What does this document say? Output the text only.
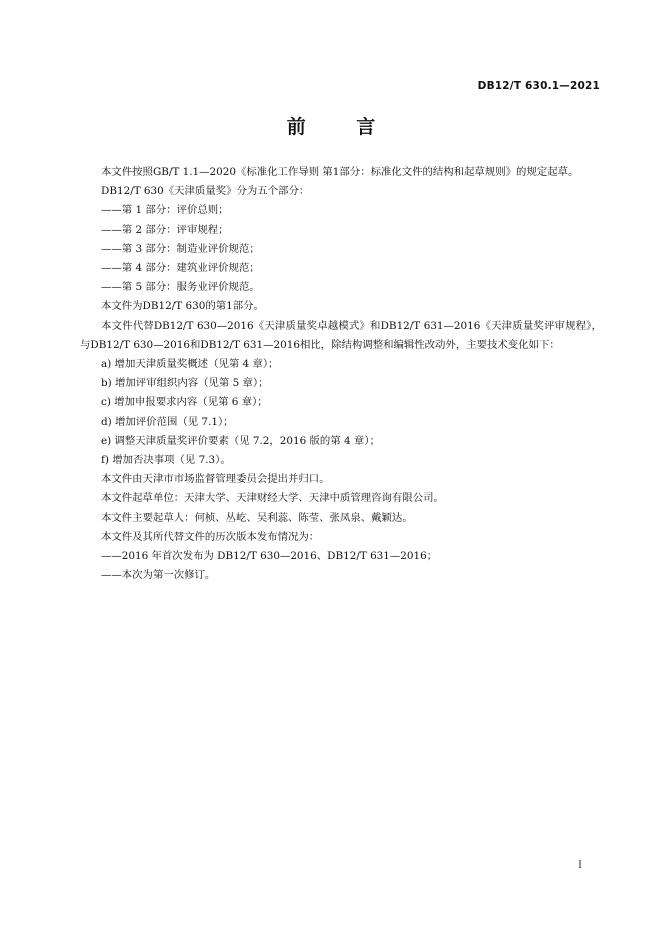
DB12/T 630.1—2021
前 言

本文件按照GB/T 1.1—2020《标准化工作导则 第1部分：标准化文件的结构和起草规则》的规定起草。

DB12/T 630《天津质量奖》分为五个部分：

——第 1 部分：评价总则；

——第 2 部分：评审规程；

——第 3 部分：制造业评价规范；

——第 4 部分：建筑业评价规范；

——第 5 部分：服务业评价规范。

本文件为DB12/T 630的第1部分。

本文件代替DB12/T 630—2016《天津质量奖卓越模式》和DB12/T 631—2016《天津质量奖评审规程》，与DB12/T 630—2016和DB12/T 631—2016相比，除结构调整和编辑性改动外，主要技术变化如下：

a) 增加天津质量奖概述（见第 4 章）；

b) 增加评审组织内容（见第 5 章）；

c) 增加申报要求内容（见第 6 章）；

d) 增加评价范围（见 7.1）；

e) 调整天津质量奖评价要素（见 7.2，2016 版的第 4 章）；

f) 增加否决事项（见 7.3）。

本文件由天津市市场监督管理委员会提出并归口。

本文件起草单位：天津大学、天津财经大学、天津中质管理咨询有限公司。

本文件主要起草人：何桢、丛屹、吴利蕊、陈莹、张凤泉、戴颖达。

本文件及其所代替文件的历次版本发布情况为：

——2016 年首次发布为 DB12/T 630—2016、DB12/T 631—2016；

——本次为第一次修订。

I
